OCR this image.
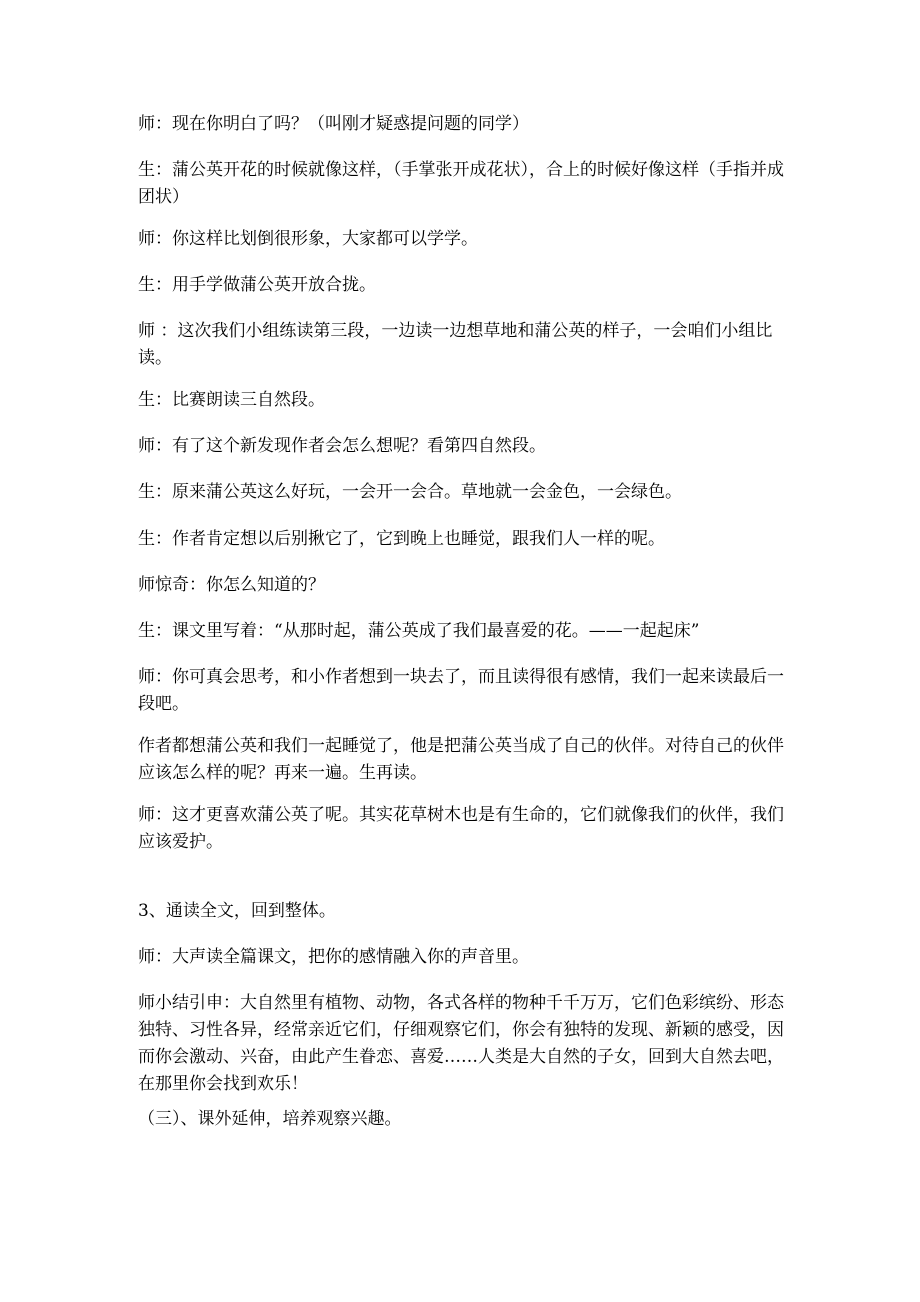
师：现在你明白了吗？（叫刚才疑惑提问题的同学）

生：蒲公英开花的时候就像这样，（手掌张开成花状），合上的时候好像这样（手指并成团状）

师：你这样比划倒很形象，大家都可以学学。

生：用手学做蒲公英开放合拢。

师 ：这次我们小组练读第三段，一边读一边想草地和蒲公英的样子，一会咱们小组比读。

生：比赛朗读三自然段。

师：有了这个新发现作者会怎么想呢？看第四自然段。

生：原来蒲公英这么好玩，一会开一会合。草地就一会金色，一会绿色。

生：作者肯定想以后别揪它了，它到晚上也睡觉，跟我们人一样的呢。

师惊奇：你怎么知道的？

生：课文里写着：“从那时起，蒲公英成了我们最喜爱的花。——一起起床”

师：你可真会思考，和小作者想到一块去了，而且读得很有感情，我们一起来读最后一段吧。

作者都想蒲公英和我们一起睡觉了，他是把蒲公英当成了自己的伙伴。对待自己的伙伴应该怎么样的呢？再来一遍。生再读。

师：这才更喜欢蒲公英了呢。其实花草树木也是有生命的，它们就像我们的伙伴，我们应该爱护。

3、通读全文，回到整体。

师：大声读全篇课文，把你的感情融入你的声音里。

师小结引申：大自然里有植物、动物，各式各样的物种千千万万，它们色彩缤纷、形态独特、习性各异，经常亲近它们，仔细观察它们，你会有独特的发现、新颖的感受，因而你会激动、兴奋，由此产生眷恋、喜爱……人类是大自然的子女，回到大自然去吧，在那里你会找到欢乐！

（三）、课外延伸，培养观察兴趣。
